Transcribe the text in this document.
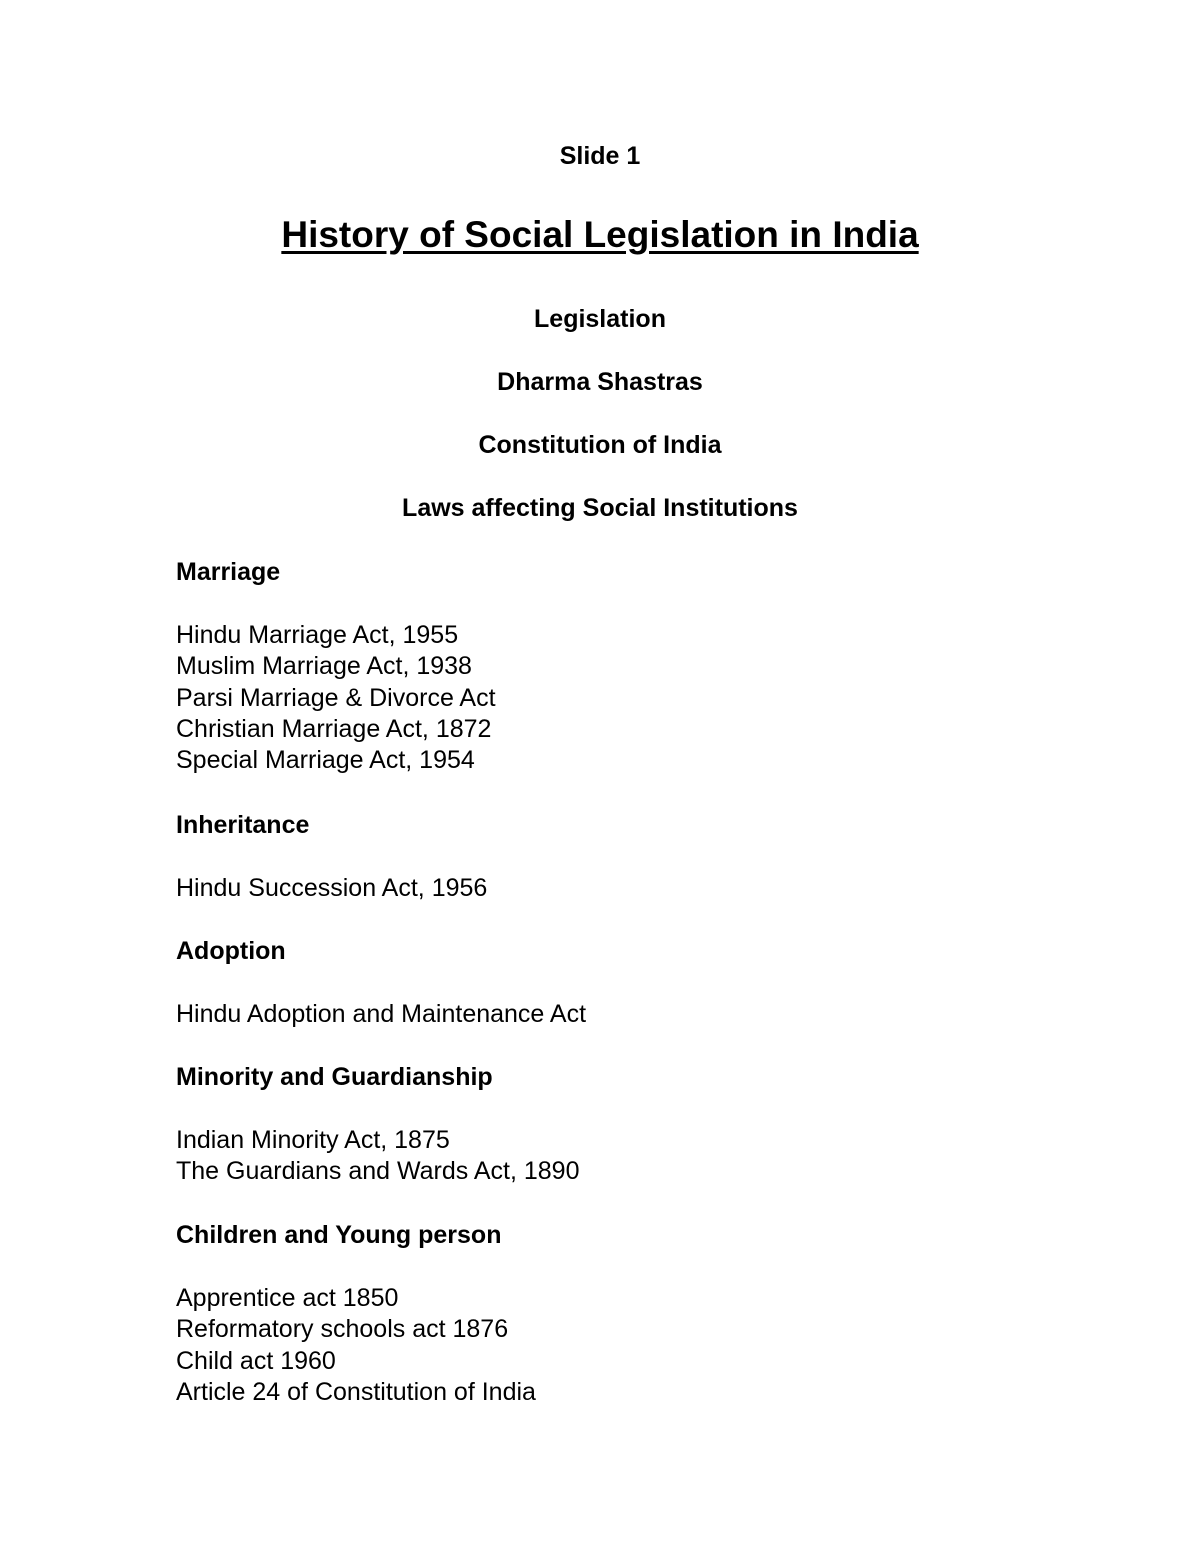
Slide 1

History of Social Legislation in India

Legislation

Dharma Shastras

Constitution of India

Laws affecting Social Institutions

Marriage
Hindu Marriage Act, 1955
Muslim Marriage Act, 1938
Parsi Marriage & Divorce Act
Christian Marriage Act, 1872
Special Marriage Act, 1954
Inheritance
Hindu Succession Act, 1956
Adoption
Hindu Adoption and Maintenance Act
Minority and Guardianship
Indian Minority Act, 1875
The Guardians and Wards Act, 1890
Children and Young person
Apprentice act 1850
Reformatory schools act 1876
Child act 1960
Article 24 of Constitution of India
